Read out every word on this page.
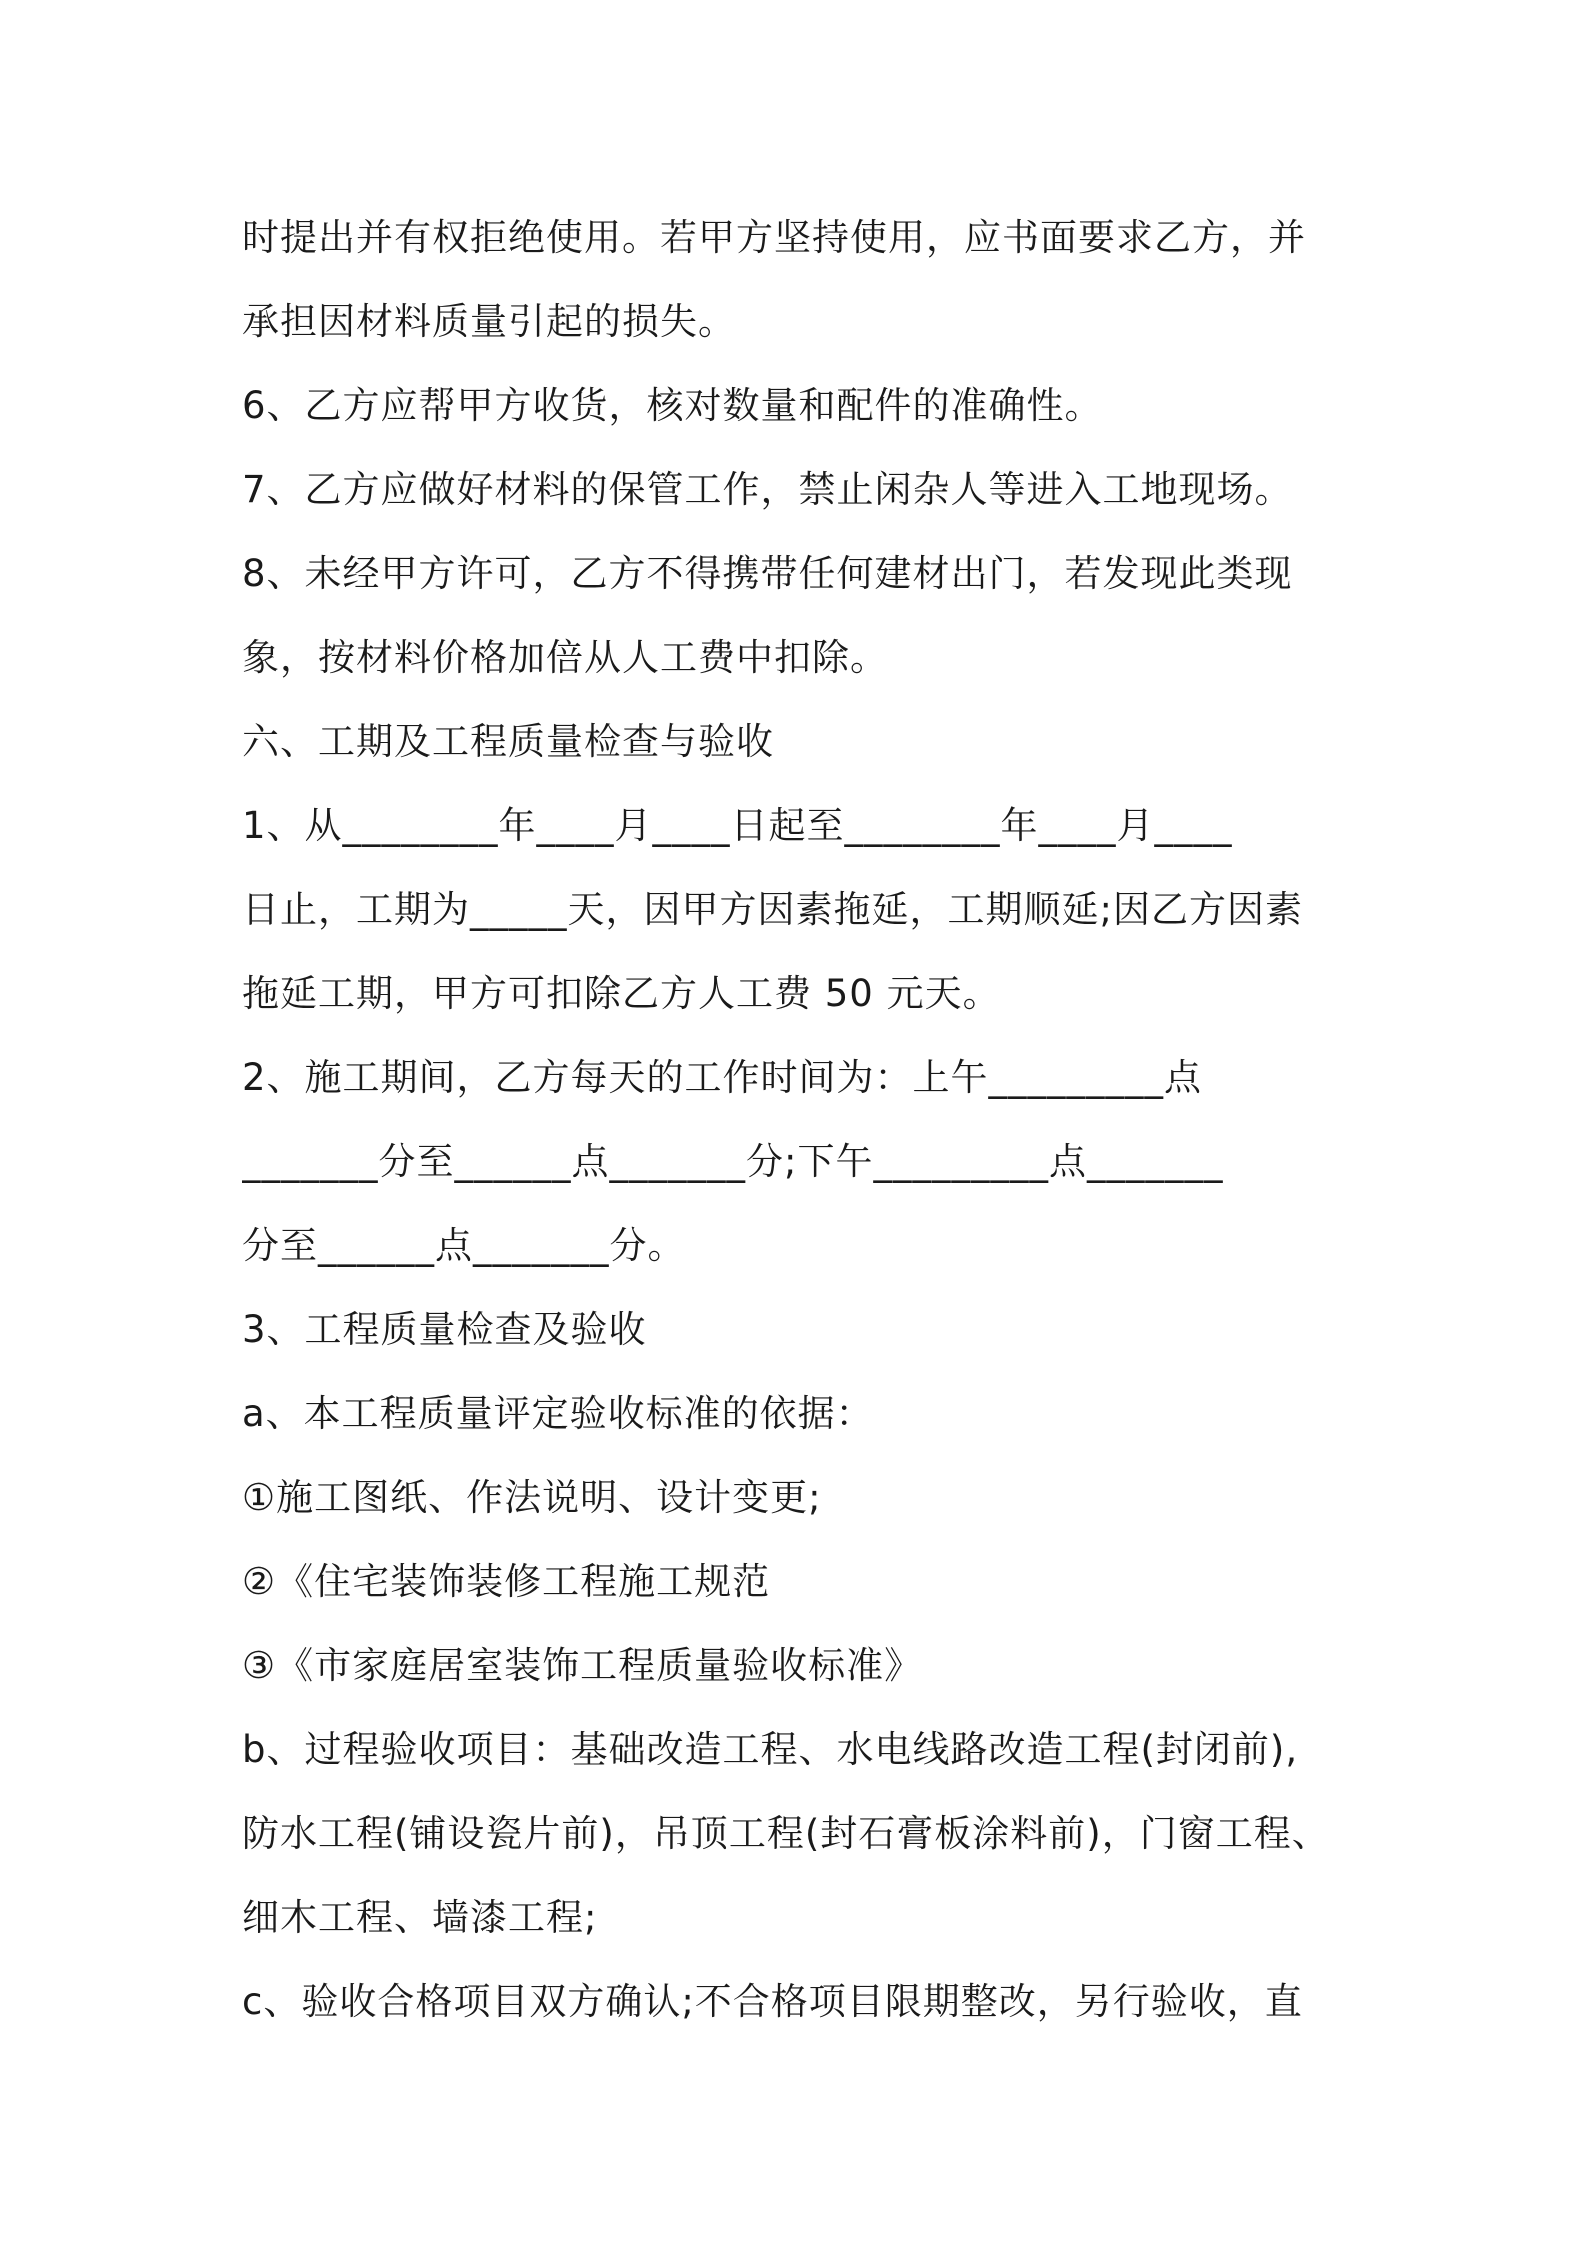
时提出并有权拒绝使用。若甲方坚持使用，应书面要求乙方，并
承担因材料质量引起的损失。
6、乙方应帮甲方收货，核对数量和配件的准确性。
7、乙方应做好材料的保管工作，禁止闲杂人等进入工地现场。
8、未经甲方许可，乙方不得携带任何建材出门，若发现此类现
象，按材料价格加倍从人工费中扣除。
六、工期及工程质量检查与验收
1、从________年____月____日起至________年____月____
日止，工期为_____天，因甲方因素拖延，工期顺延;因乙方因素
拖延工期，甲方可扣除乙方人工费 50 元天。
2、施工期间，乙方每天的工作时间为：上午_________点
_______分至______点_______分;下午_________点_______
分至______点_______分。
3、工程质量检查及验收
a、本工程质量评定验收标准的依据：
①施工图纸、作法说明、设计变更;
②《住宅装饰装修工程施工规范
③《市家庭居室装饰工程质量验收标准》
b、过程验收项目：基础改造工程、水电线路改造工程(封闭前),
防水工程(铺设瓷片前)，吊顶工程(封石膏板涂料前)，门窗工程、
细木工程、墙漆工程;
c、验收合格项目双方确认;不合格项目限期整改，另行验收，直
